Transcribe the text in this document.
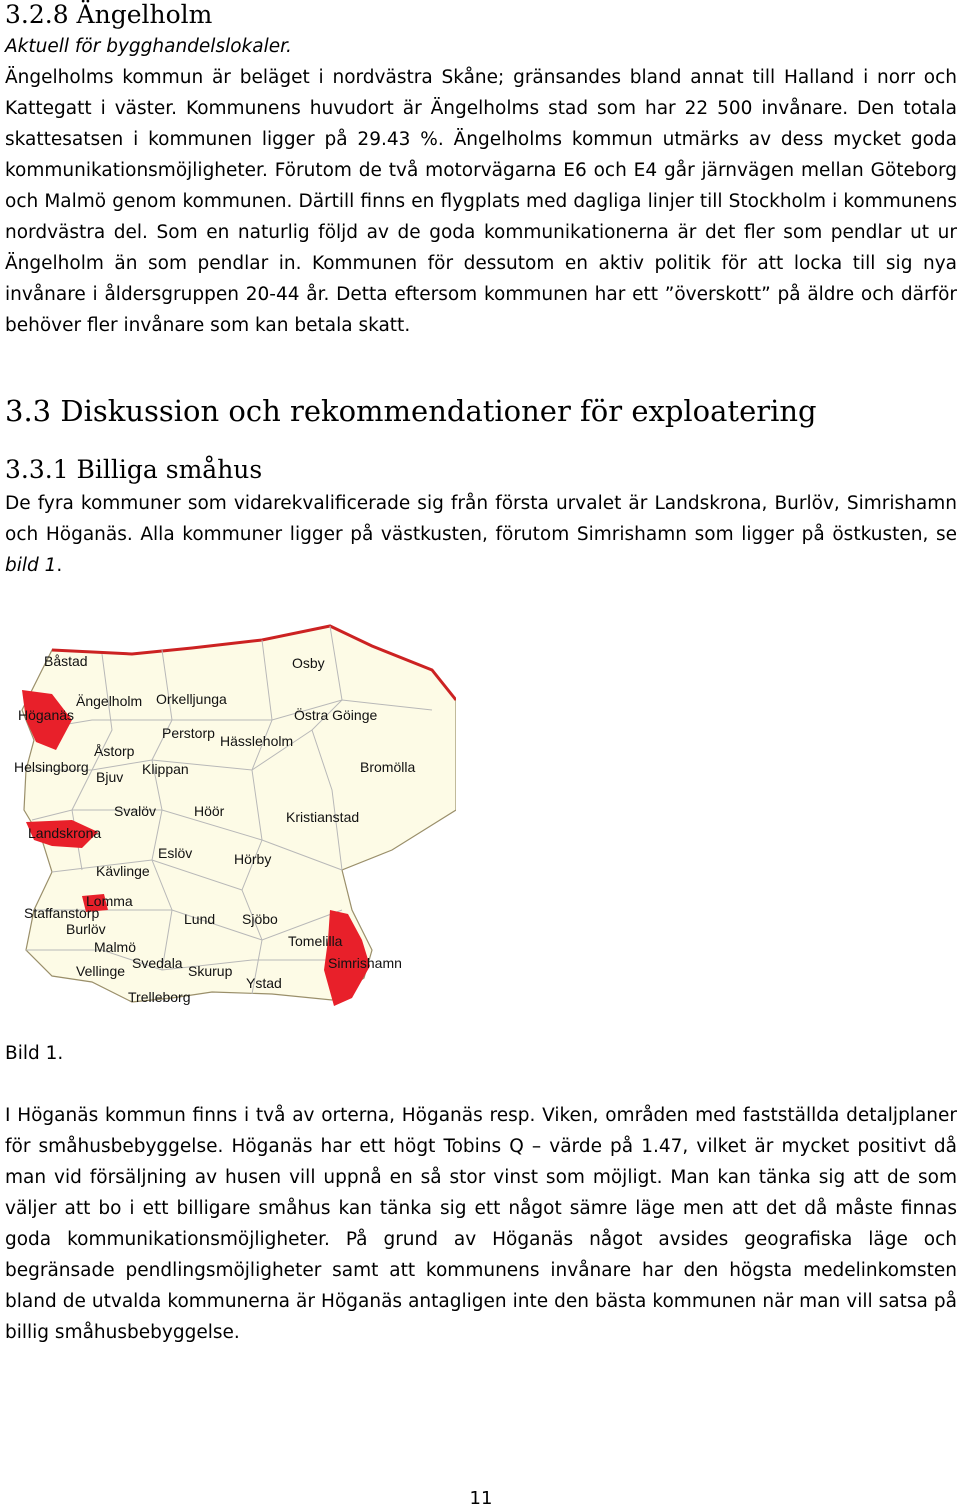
3.2.8 Ängelholm
Aktuell för bygghandelslokaler.

Ängelholms kommun är beläget i nordvästra Skåne; gränsandes bland annat till Halland i norr och Kattegatt i väster. Kommunens huvudort är Ängelholms stad som har 22 500 invånare. Den totala skattesatsen i kommunen ligger på 29.43 %. Ängelholms kommun utmärks av dess mycket goda kommunikationsmöjligheter. Förutom de två motorvägarna E6 och E4 går järnvägen mellan Göteborg och Malmö genom kommunen. Därtill finns en flygplats med dagliga linjer till Stockholm i kommunens nordvästra del. Som en naturlig följd av de goda kommunikationerna är det fler som pendlar ut ur Ängelholm än som pendlar in. Kommunen för dessutom en aktiv politik för att locka till sig nya invånare i åldersgruppen 20-44 år. Detta eftersom kommunen har ett ”överskott” på äldre och därför behöver fler invånare som kan betala skatt.

3.3 Diskussion och rekommendationer för exploatering
3.3.1 Billiga småhus

De fyra kommuner som vidarekvalificerade sig från första urvalet är Landskrona, Burlöv, Simrishamn och Höganäs. Alla kommuner ligger på västkusten, förutom Simrishamn som ligger på östkusten, se bild 1.

Båstad
Ängelholm Orkelljunga
Osby
Höganäs
Perstorp
Östra Göinge
Åstorp
Hässleholm
Helsingborg
Bjuv Klippan	Bromölla
Svalöv	Höör	Kristianstad
Landskrona
Eslöv	Hörby
Kävlinge
Lomma
Staffanstorp	Lund Sjöbo
Burlöv
Tomelilla
Malmö
Svedala	Simrishamn
Vellinge	Skurup
Ystad
Trelleborg
Bild 1.

I Höganäs kommun finns i två av orterna, Höganäs resp. Viken, områden med fastställda detaljplaner för småhusbebyggelse. Höganäs har ett högt Tobins Q – värde på 1.47, vilket är mycket positivt då man vid försäljning av husen vill uppnå en så stor vinst som möjligt. Man kan tänka sig att de som väljer att bo i ett billigare småhus kan tänka sig ett något sämre läge men att det då måste finnas goda kommunikationsmöjligheter. På grund av Höganäs något avsides geografiska läge och begränsade pendlingsmöjligheter samt att kommunens invånare har den högsta medelinkomsten bland de utvalda kommunerna är Höganäs antagligen inte den bästa kommunen när man vill satsa på billig småhusbebyggelse.

11
